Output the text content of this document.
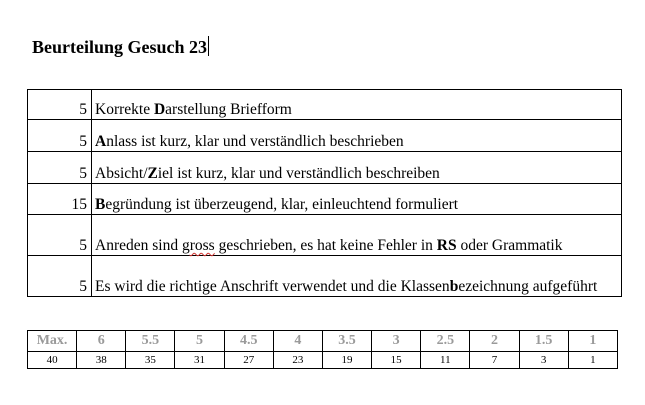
Beurteilung Gesuch 23
5	Korrekte Darstellung Briefform
5	Anlass ist kurz, klar und verständlich beschrieben
5	Absicht/Ziel ist kurz, klar und verständlich beschreiben
15	Begründung ist überzeugend, klar, einleuchtend formuliert
5	Anreden sind gross geschrieben, es hat keine Fehler in RS oder Grammatik
5	Es wird die richtige Anschrift verwendet und die Klassenbezeichnung aufgeführt
Max.	6	5.5	5	4.5	4	3.5	3	2.5	2	1.5	1
40	38	35	31	27	23	19	15	11	7	3	1
